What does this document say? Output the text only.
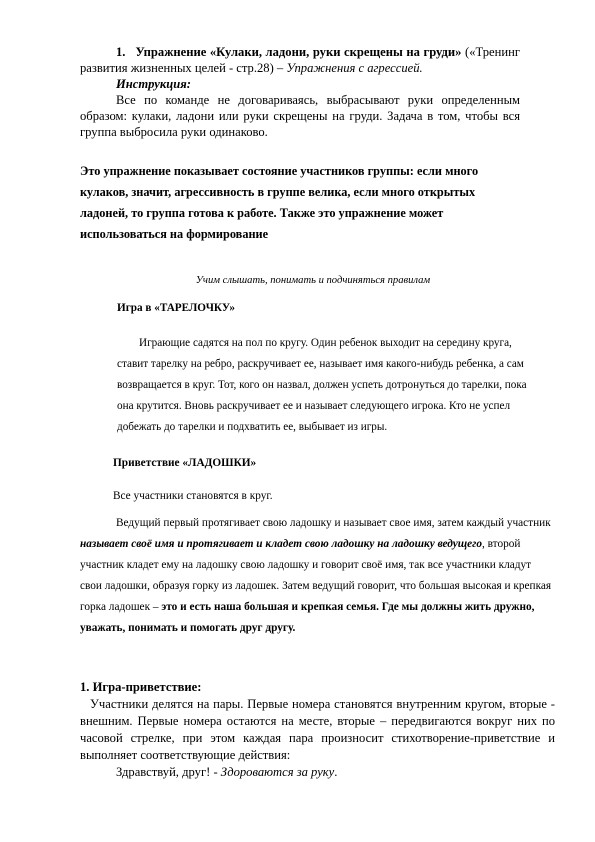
1. Упражнение «Кулаки, ладони, руки скрещены на груди» («Тренинг развития жизненных целей - стр.28) – Упражнения с агрессией.

Инструкция:

Все по команде не договариваясь, выбрасывают руки определенным образом: кулаки, ладони или руки скрещены на груди. Задача в том, чтобы вся группа выбросила руки одинаково.

Это упражнение показывает состояние участников группы: если много кулаков, значит, агрессивность в группе велика, если много открытых ладоней, то группа готова к работе. Также это упражнение может использоваться на формирование

Учим слышать, понимать и подчиняться правилам

Игра в «ТАРЕЛОЧКУ»

Играющие садятся на пол по кругу. Один ребенок выходит на середину круга, ставит тарелку на ребро, раскручивает ее, называет имя какого-нибудь ребенка, а сам возвращается в круг. Тот, кого он назвал, должен успеть дотронуться до тарелки, пока она крутится. Вновь раскручивает ее и называет следующего игрока. Кто не успел добежать до тарелки и подхватить ее, выбывает из игры.

Приветствие «ЛАДОШКИ»

Все участники становятся в круг.

Ведущий первый протягивает свою ладошку и называет свое имя, затем каждый участник называет своё имя и протягивает и кладет свою ладошку на ладошку ведущего, второй участник кладет ему на ладошку свою ладошку и говорит своё имя, так все участники кладут свои ладошки, образуя горку из ладошек. Затем ведущий говорит, что большая высокая и крепкая горка ладошек – это и есть наша большая и крепкая семья. Где мы должны жить дружно, уважать, понимать и помогать друг другу.

1. Игра-приветствие:

Участники делятся на пары. Первые номера становятся внутренним кругом, вторые - внешним. Первые номера остаются на месте, вторые – передвигаются вокруг них по часовой стрелке, при этом каждая пара произносит стихотворение-приветствие и выполняет соответствующие действия:

Здравствуй, друг! - Здороваются за руку.
